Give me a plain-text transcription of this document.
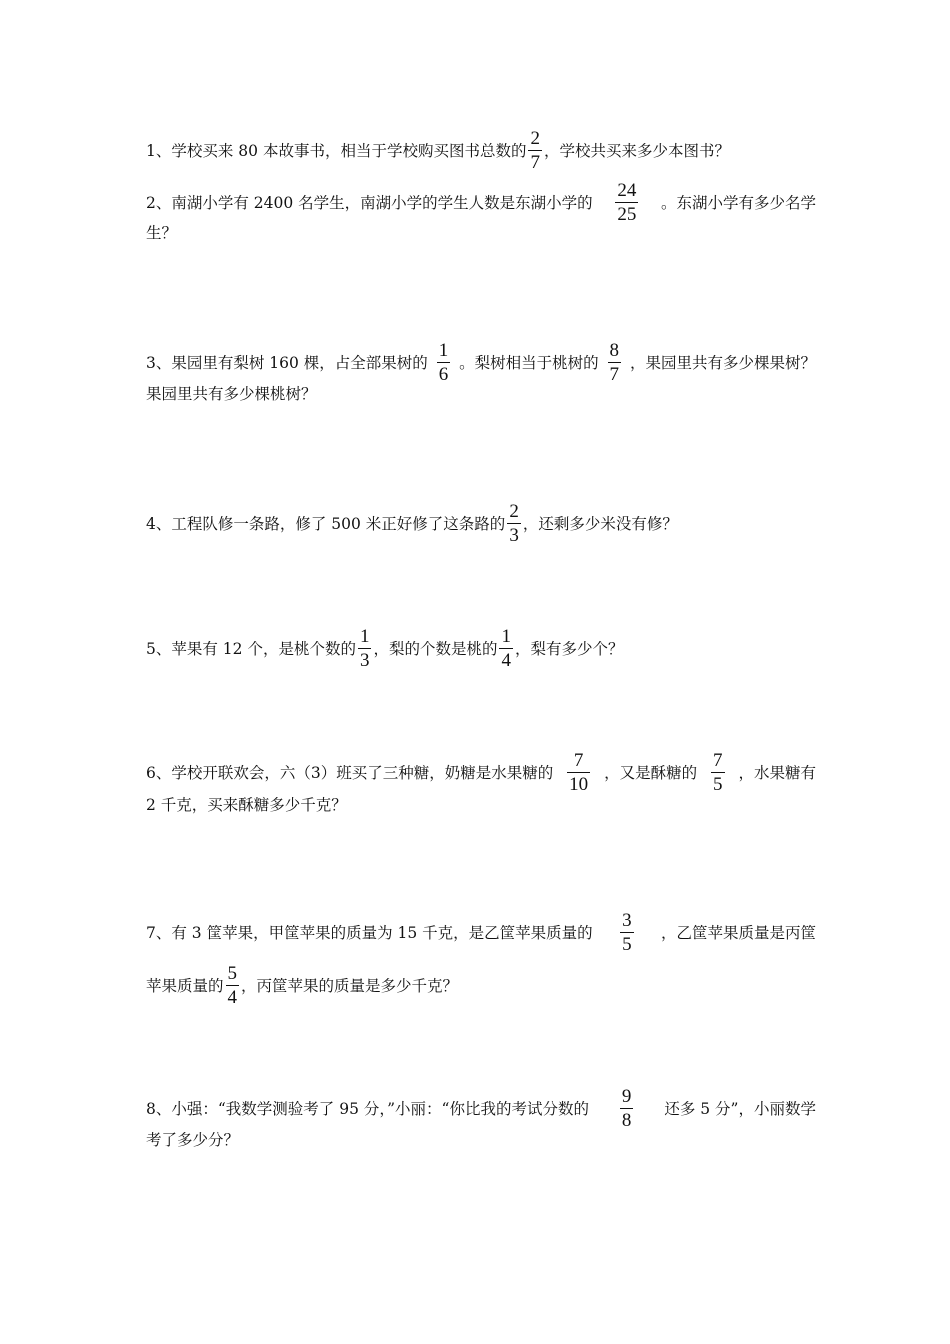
1、学校买来 80 本故事书，相当于学校购买图书总数的 $\frac{2}{7}$ ，学校共买来多少本图书？
2、南湖小学有 2400 名学生，南湖小学的学生人数是东湖小学的 $\frac{24}{25}$ 。东湖小学有多少名学
生？
3、果园里有梨树 160 棵，占全部果树的 $\frac{1}{6}$ 。梨树相当于桃树的 $\frac{8}{7}$ ，果园里共有多少棵果树？
果园里共有多少棵桃树？
4、工程队修一条路，修了 500 米正好修了这条路的 $\frac{2}{3}$ ，还剩多少米没有修？
5、苹果有 12 个，是桃个数的 $\frac{1}{3}$ ，梨的个数是桃的 $\frac{1}{4}$ ，梨有多少个？
6、学校开联欢会，六（3）班买了三种糖，奶糖是水果糖的 $\frac{7}{10}$ ，又是酥糖的 $\frac{7}{5}$ ，水果糖有
2 千克，买来酥糖多少千克？
7、有 3 筐苹果，甲筐苹果的质量为 15 千克，是乙筐苹果质量的 $\frac{3}{5}$ ，乙筐苹果质量是丙筐
苹果质量的 $\frac{5}{4}$ ，丙筐苹果的质量是多少千克？
8、小强：“我数学测验考了 95 分，”小丽：“你比我的考试分数的 $\frac{9}{8}$ 还多 5 分”，小丽数学
考了多少分？
